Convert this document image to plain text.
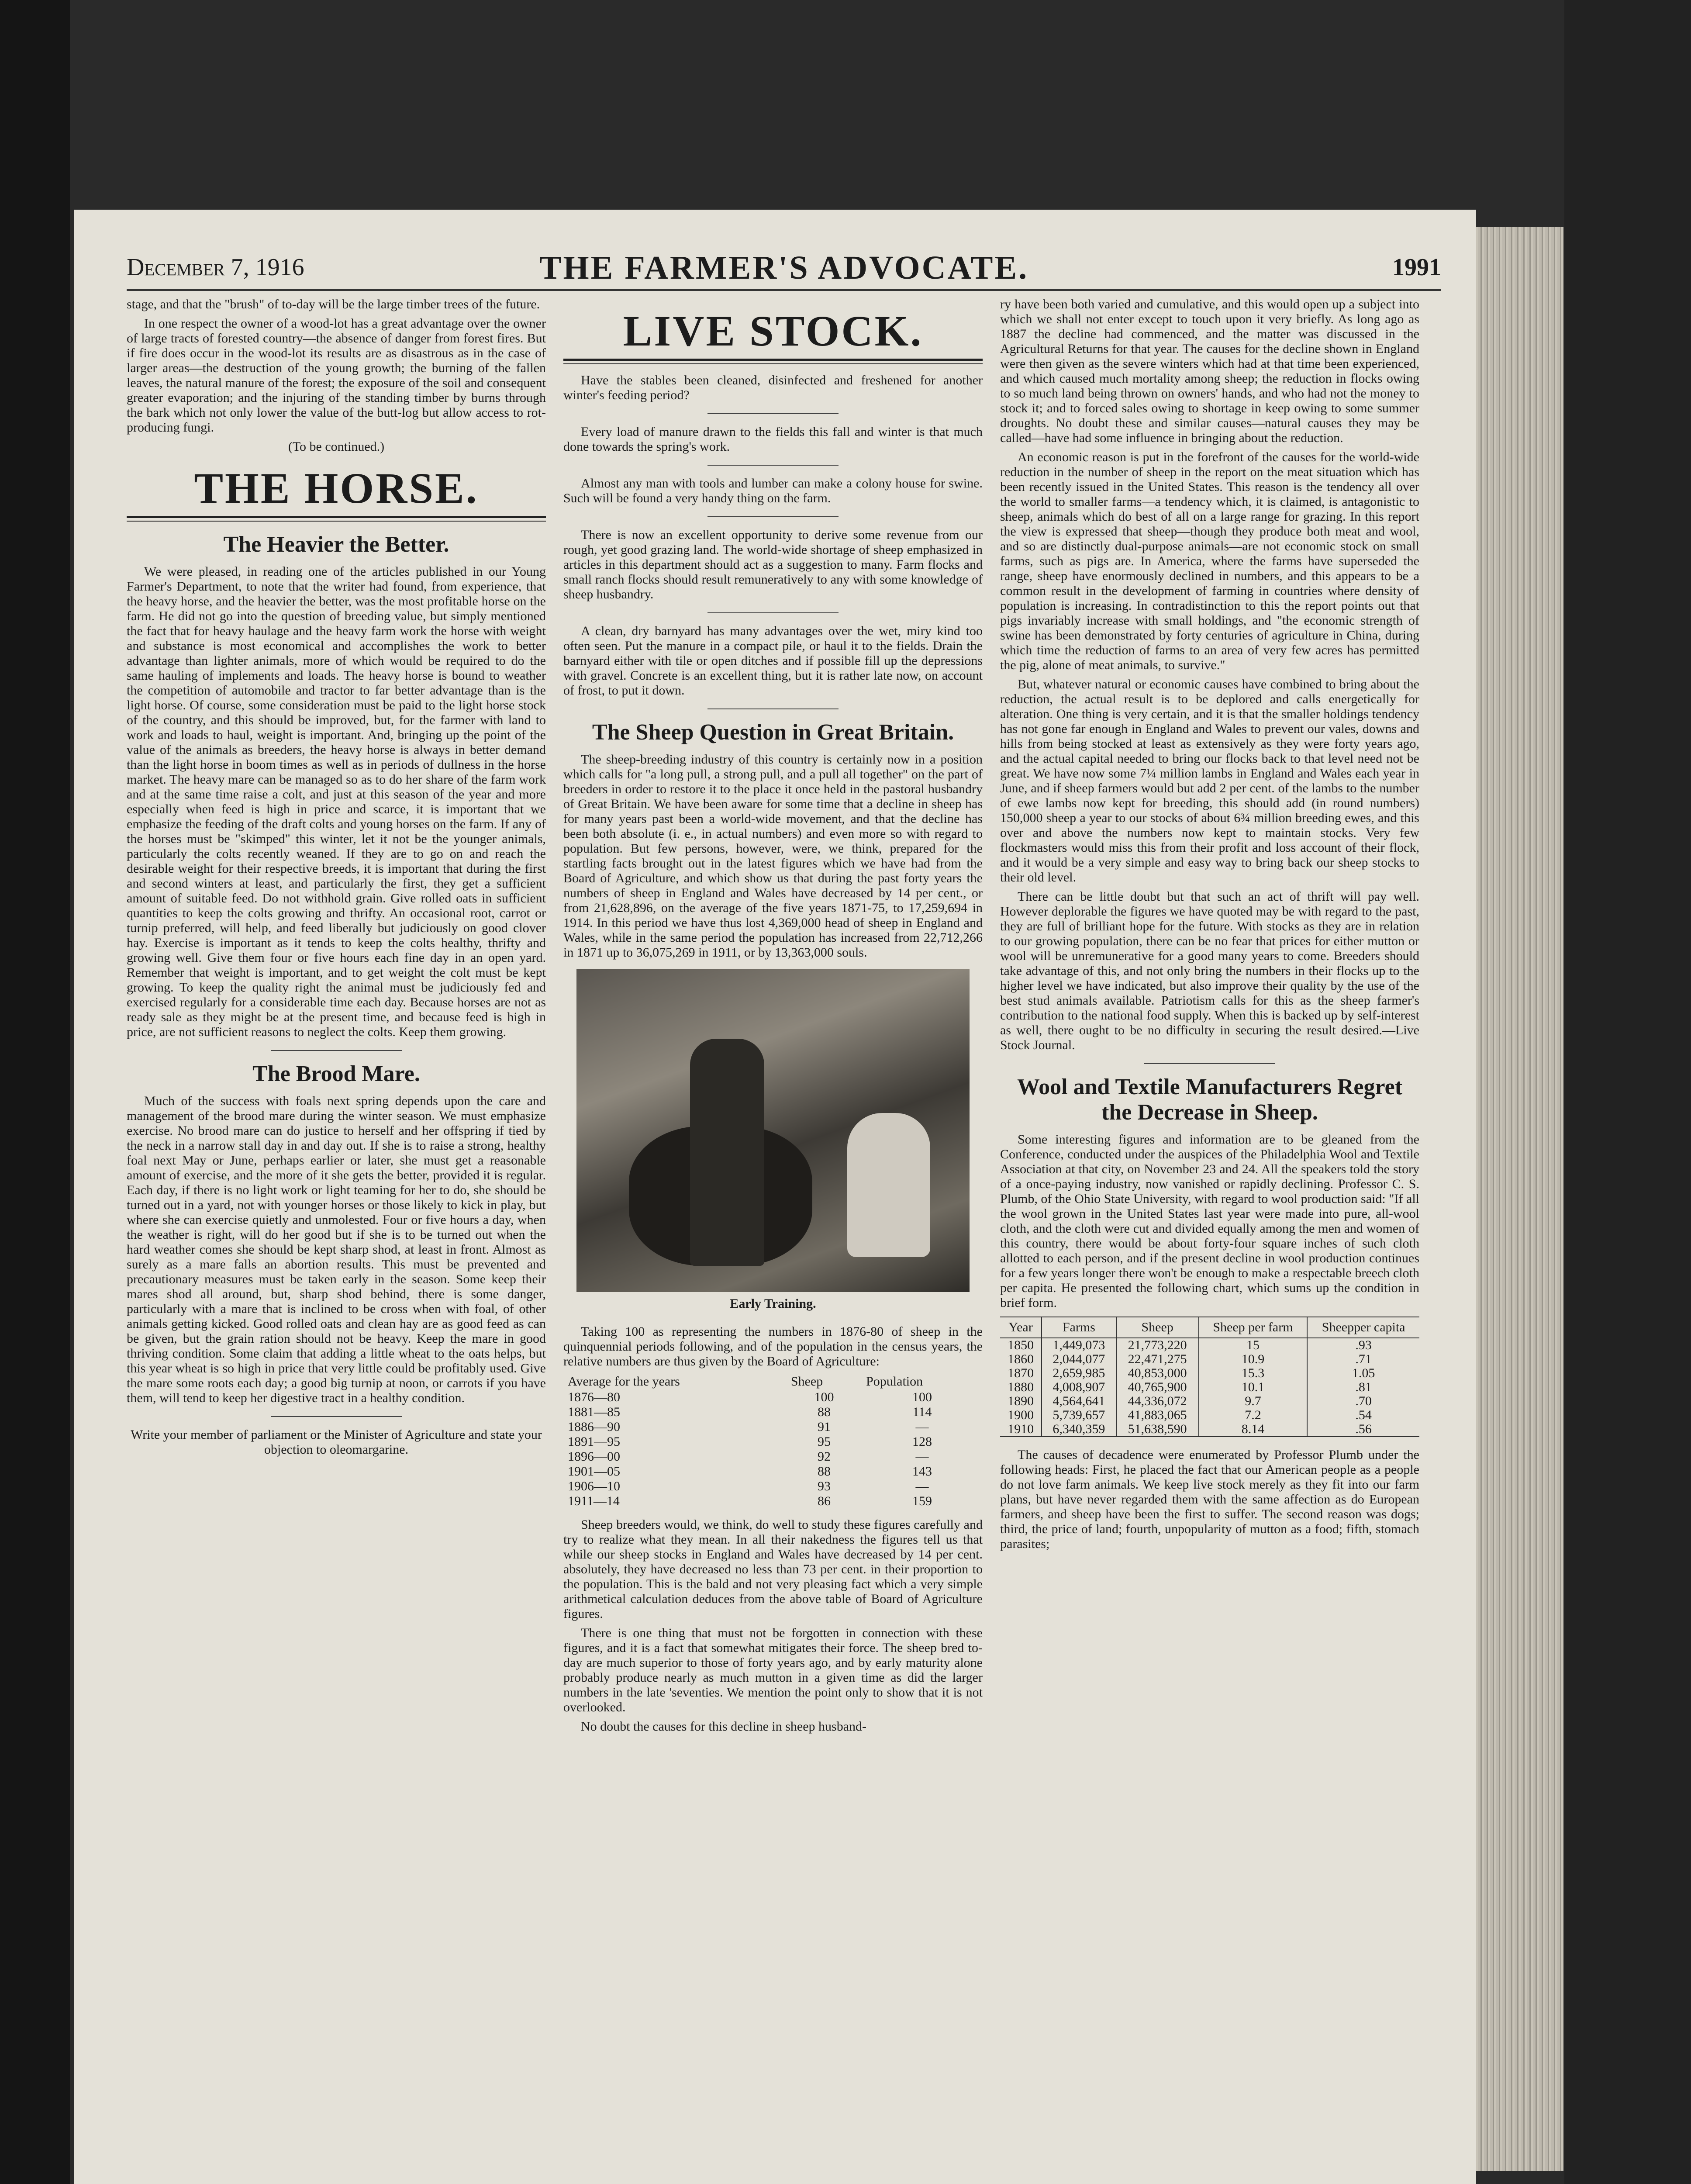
December 7, 1916	THE FARMER'S ADVOCATE.	1991

stage, and that the "brush" of to-day will be the large timber trees of the future.

In one respect the owner of a wood-lot has a great advantage over the owner of large tracts of forested country—the absence of danger from forest fires. But if fire does occur in the wood-lot its results are as disastrous as in the case of larger areas—the destruction of the young growth; the burning of the fallen leaves, the natural manure of the forest; the exposure of the soil and consequent greater evaporation; and the injuring of the standing timber by burns through the bark which not only lower the value of the butt-log but allow access to rot-producing fungi.

(To be continued.)

THE HORSE.
The Heavier the Better.

We were pleased, in reading one of the articles published in our Young Farmer's Department, to note that the writer had found, from experience, that the heavy horse, and the heavier the better, was the most profitable horse on the farm. He did not go into the question of breeding value, but simply mentioned the fact that for heavy haulage and the heavy farm work the horse with weight and substance is most economical and accomplishes the work to better advantage than lighter animals, more of which would be required to do the same hauling of implements and loads. The heavy horse is bound to weather the competition of automobile and tractor to far better advantage than is the light horse. Of course, some consideration must be paid to the light horse stock of the country, and this should be improved, but, for the farmer with land to work and loads to haul, weight is important. And, bringing up the point of the value of the animals as breeders, the heavy horse is always in better demand than the light horse in boom times as well as in periods of dullness in the horse market. The heavy mare can be managed so as to do her share of the farm work and at the same time raise a colt, and just at this season of the year and more especially when feed is high in price and scarce, it is important that we emphasize the feeding of the draft colts and young horses on the farm. If any of the horses must be "skimped" this winter, let it not be the younger animals, particularly the colts recently weaned. If they are to go on and reach the desirable weight for their respective breeds, it is important that during the first and second winters at least, and particularly the first, they get a sufficient amount of suitable feed. Do not withhold grain. Give rolled oats in sufficient quantities to keep the colts growing and thrifty. An occasional root, carrot or turnip preferred, will help, and feed liberally but judiciously on good clover hay. Exercise is important as it tends to keep the colts healthy, thrifty and growing well. Give them four or five hours each fine day in an open yard. Remember that weight is important, and to get weight the colt must be kept growing. To keep the quality right the animal must be judiciously fed and exercised regularly for a considerable time each day. Because horses are not as ready sale as they might be at the present time, and because feed is high in price, are not sufficient reasons to neglect the colts. Keep them growing.

The Brood Mare.

Much of the success with foals next spring depends upon the care and management of the brood mare during the winter season. We must emphasize exercise. No brood mare can do justice to herself and her offspring if tied by the neck in a narrow stall day in and day out. If she is to raise a strong, healthy foal next May or June, perhaps earlier or later, she must get a reasonable amount of exercise, and the more of it she gets the better, provided it is regular. Each day, if there is no light work or light teaming for her to do, she should be turned out in a yard, not with younger horses or those likely to kick in play, but where she can exercise quietly and unmolested. Four or five hours a day, when the weather is right, will do her good but if she is to be turned out when the hard weather comes she should be kept sharp shod, at least in front. Almost as surely as a mare falls an abortion results. This must be prevented and precautionary measures must be taken early in the season. Some keep their mares shod all around, but, sharp shod behind, there is some danger, particularly with a mare that is inclined to be cross when with foal, of other animals getting kicked. Good rolled oats and clean hay are as good feed as can be given, but the grain ration should not be heavy. Keep the mare in good thriving condition. Some claim that adding a little wheat to the oats helps, but this year wheat is so high in price that very little could be profitably used. Give the mare some roots each day; a good big turnip at noon, or carrots if you have them, will tend to keep her digestive tract in a healthy condition.

Write your member of parliament or the Minister of Agriculture and state your objection to oleomargarine.

LIVE STOCK.

Have the stables been cleaned, disinfected and freshened for another winter's feeding period?

Every load of manure drawn to the fields this fall and winter is that much done towards the spring's work.

Almost any man with tools and lumber can make a colony house for swine. Such will be found a very handy thing on the farm.

There is now an excellent opportunity to derive some revenue from our rough, yet good grazing land. The world-wide shortage of sheep emphasized in articles in this department should act as a suggestion to many. Farm flocks and small ranch flocks should result remuneratively to any with some knowledge of sheep husbandry.

A clean, dry barnyard has many advantages over the wet, miry kind too often seen. Put the manure in a compact pile, or haul it to the fields. Drain the barnyard either with tile or open ditches and if possible fill up the depressions with gravel. Concrete is an excellent thing, but it is rather late now, on account of frost, to put it down.

The Sheep Question in Great Britain.

The sheep-breeding industry of this country is certainly now in a position which calls for "a long pull, a strong pull, and a pull all together" on the part of breeders in order to restore it to the place it once held in the pastoral husbandry of Great Britain. We have been aware for some time that a decline in sheep has for many years past been a world-wide movement, and that the decline has been both absolute (i. e., in actual numbers) and even more so with regard to population. But few persons, however, were, we think, prepared for the startling facts brought out in the latest figures which we have had from the Board of Agriculture, and which show us that during the past forty years the numbers of sheep in England and Wales have decreased by 14 per cent., or from 21,628,896, on the average of the five years 1871-75, to 17,259,694 in 1914. In this period we have thus lost 4,369,000 head of sheep in England and Wales, while in the same period the population has increased from 22,712,266 in 1871 up to 36,075,269 in 1911, or by 13,363,000 souls.

Early Training.

Taking 100 as representing the numbers in 1876-80 of sheep in the quinquennial periods following, and of the population in the census years, the relative numbers are thus given by the Board of Agriculture:

Average for the years	Sheep	Population
1876—80	100	100
1881—85	88	114
1886—90	91	—
1891—95	95	128
1896—00	92	—
1901—05	88	143
1906—10	93	—
1911—14	86	159

Sheep breeders would, we think, do well to study these figures carefully and try to realize what they mean. In all their nakedness the figures tell us that while our sheep stocks in England and Wales have decreased by 14 per cent. absolutely, they have decreased no less than 73 per cent. in their proportion to the population. This is the bald and not very pleasing fact which a very simple arithmetical calculation deduces from the above table of Board of Agriculture figures.

There is one thing that must not be forgotten in connection with these figures, and it is a fact that somewhat mitigates their force. The sheep bred to-day are much superior to those of forty years ago, and by early maturity alone probably produce nearly as much mutton in a given time as did the larger numbers in the late 'seventies. We mention the point only to show that it is not overlooked.

No doubt the causes for this decline in sheep husband-

ry have been both varied and cumulative, and this would open up a subject into which we shall not enter except to touch upon it very briefly. As long ago as 1887 the decline had commenced, and the matter was discussed in the Agricultural Returns for that year. The causes for the decline shown in England were then given as the severe winters which had at that time been experienced, and which caused much mortality among sheep; the reduction in flocks owing to so much land being thrown on owners' hands, and who had not the money to stock it; and to forced sales owing to shortage in keep owing to some summer droughts. No doubt these and similar causes—natural causes they may be called—have had some influence in bringing about the reduction.

An economic reason is put in the forefront of the causes for the world-wide reduction in the number of sheep in the report on the meat situation which has been recently issued in the United States. This reason is the tendency all over the world to smaller farms—a tendency which, it is claimed, is antagonistic to sheep, animals which do best of all on a large range for grazing. In this report the view is expressed that sheep—though they produce both meat and wool, and so are distinctly dual-purpose animals—are not economic stock on small farms, such as pigs are. In America, where the farms have superseded the range, sheep have enormously declined in numbers, and this appears to be a common result in the development of farming in countries where density of population is increasing. In contradistinction to this the report points out that pigs invariably increase with small holdings, and "the economic strength of swine has been demonstrated by forty centuries of agriculture in China, during which time the reduction of farms to an area of very few acres has permitted the pig, alone of meat animals, to survive."

But, whatever natural or economic causes have combined to bring about the reduction, the actual result is to be deplored and calls energetically for alteration. One thing is very certain, and it is that the smaller holdings tendency has not gone far enough in England and Wales to prevent our vales, downs and hills from being stocked at least as extensively as they were forty years ago, and the actual capital needed to bring our flocks back to that level need not be great. We have now some 7¼ million lambs in England and Wales each year in June, and if sheep farmers would but add 2 per cent. of the lambs to the number of ewe lambs now kept for breeding, this should add (in round numbers) 150,000 sheep a year to our stocks of about 6¾ million breeding ewes, and this over and above the numbers now kept to maintain stocks. Very few flockmasters would miss this from their profit and loss account of their flock, and it would be a very simple and easy way to bring back our sheep stocks to their old level.

There can be little doubt but that such an act of thrift will pay well. However deplorable the figures we have quoted may be with regard to the past, they are full of brilliant hope for the future. With stocks as they are in relation to our growing population, there can be no fear that prices for either mutton or wool will be unremunerative for a good many years to come. Breeders should take advantage of this, and not only bring the numbers in their flocks up to the higher level we have indicated, but also improve their quality by the use of the best stud animals available. Patriotism calls for this as the sheep farmer's contribution to the national food supply. When this is backed up by self-interest as well, there ought to be no difficulty in securing the result desired.—Live Stock Journal.

Wool and Textile Manufacturers Regret the Decrease in Sheep.

Some interesting figures and information are to be gleaned from the Conference, conducted under the auspices of the Philadelphia Wool and Textile Association at that city, on November 23 and 24. All the speakers told the story of a once-paying industry, now vanished or rapidly declining. Professor C. S. Plumb, of the Ohio State University, with regard to wool production said: "If all the wool grown in the United States last year were made into pure, all-wool cloth, and the cloth were cut and divided equally among the men and women of this country, there would be about forty-four square inches of such cloth allotted to each person, and if the present decline in wool production continues for a few years longer there won't be enough to make a respectable breech cloth per capita. He presented the following chart, which sums up the condition in brief form.

Year	Farms	Sheep	Sheep per farm	Sheepper capita
1850	1,449,073	21,773,220	15	.93
1860	2,044,077	22,471,275	10.9	.71
1870	2,659,985	40,853,000	15.3	1.05
1880	4,008,907	40,765,900	10.1	.81
1890	4,564,641	44,336,072	9.7	.70
1900	5,739,657	41,883,065	7.2	.54
1910	6,340,359	51,638,590	8.14	.56

The causes of decadence were enumerated by Professor Plumb under the following heads: First, he placed the fact that our American people as a people do not love farm animals. We keep live stock merely as they fit into our farm plans, but have never regarded them with the same affection as do European farmers, and sheep have been the first to suffer. The second reason was dogs; third, the price of land; fourth, unpopularity of mutton as a food; fifth, stomach parasites;
